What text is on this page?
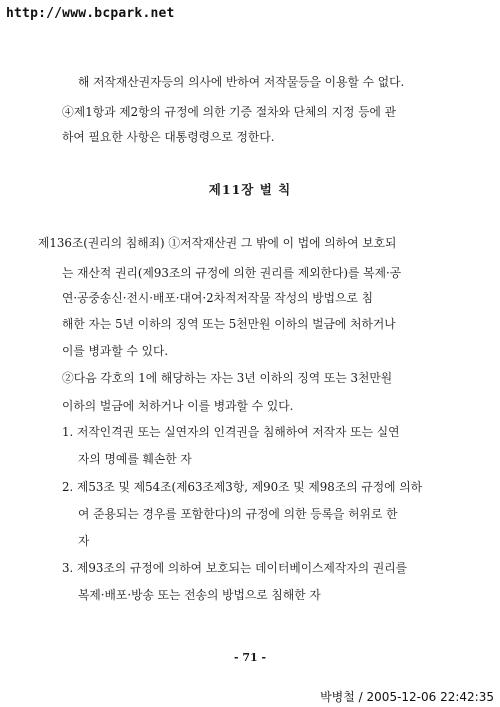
http://www.bcpark.net
해 저작재산권자등의 의사에 반하여 저작물등을 이용할 수 없다.
④제1항과 제2항의 규정에 의한 기증 절차와 단체의 지정 등에 관
하여 필요한 사항은 대통령령으로 정한다.
제11장 벌 칙
제136조(권리의 침해죄) ①저작재산권 그 밖에 이 법에 의하여 보호되
는 재산적 권리(제93조의 규정에 의한 권리를 제외한다)를 복제·공
연·공중송신·전시·배포·대여·2차적저작물 작성의 방법으로 침
해한 자는 5년 이하의 징역 또는 5천만원 이하의 벌금에 처하거나
이를 병과할 수 있다.
②다음 각호의 1에 해당하는 자는 3년 이하의 징역 또는 3천만원
이하의 벌금에 처하거나 이를 병과할 수 있다.
1. 저작인격권 또는 실연자의 인격권을 침해하여 저작자 또는 실연
자의 명예를 훼손한 자
2. 제53조 및 제54조(제63조제3항, 제90조 및 제98조의 규정에 의하
여 준용되는 경우를 포함한다)의 규정에 의한 등록을 허위로 한
자
3. 제93조의 규정에 의하여 보호되는 데이터베이스제작자의 권리를
복제·배포·방송 또는 전송의 방법으로 침해한 자
- 71 -
박병철 / 2005-12-06 22:42:35
